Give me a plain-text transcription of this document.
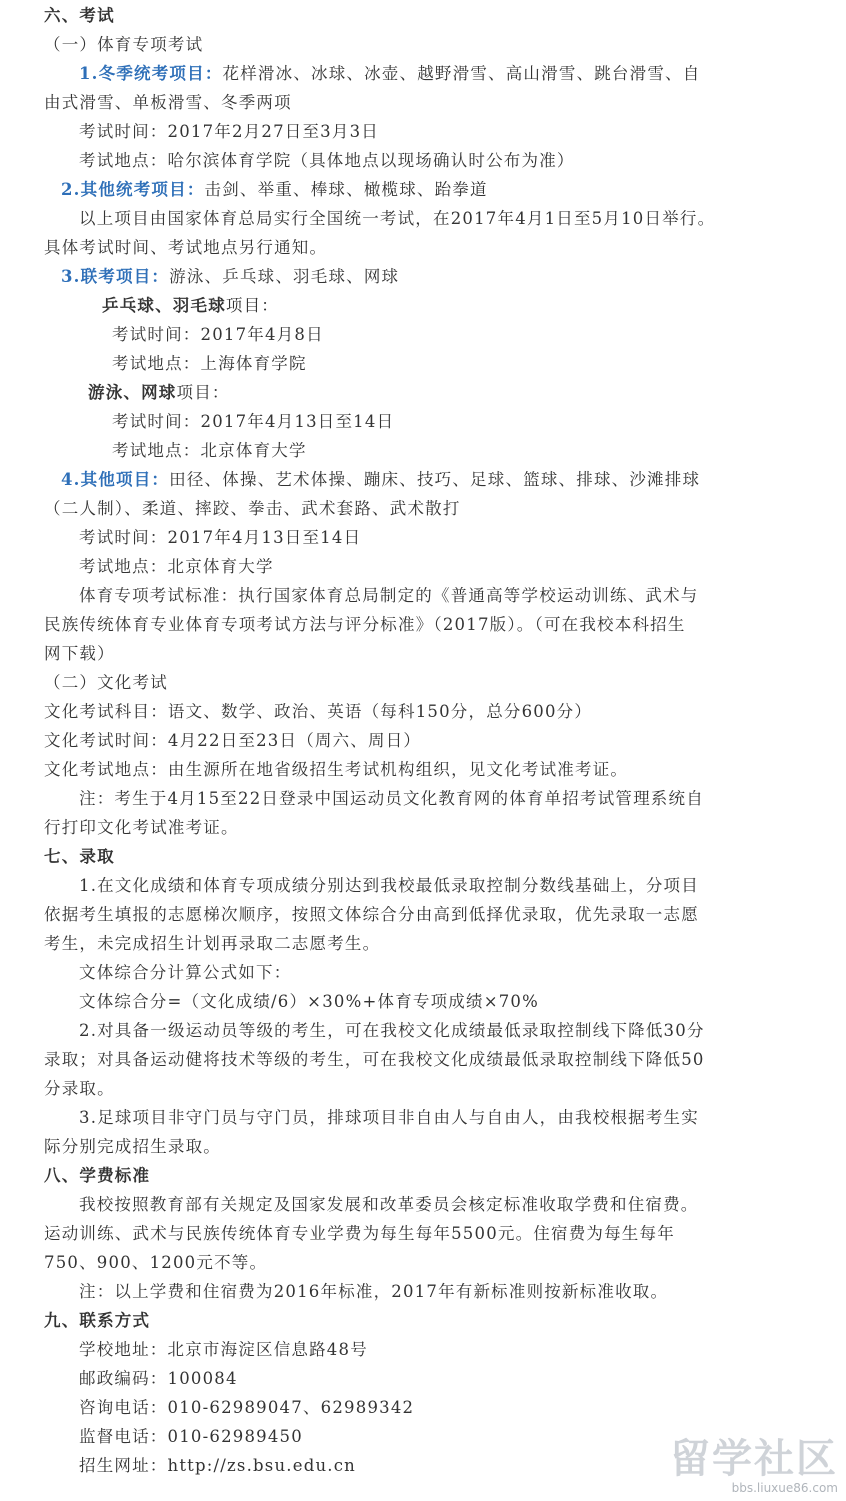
六、考试
（一）体育专项考试
1.冬季统考项目：花样滑冰、冰球、冰壶、越野滑雪、高山滑雪、跳台滑雪、自
由式滑雪、单板滑雪、冬季两项
考试时间：2017年2月27日至3月3日
考试地点：哈尔滨体育学院（具体地点以现场确认时公布为准）
2.其他统考项目：击剑、举重、棒球、橄榄球、跆拳道
以上项目由国家体育总局实行全国统一考试，在2017年4月1日至5月10日举行。
具体考试时间、考试地点另行通知。
3.联考项目：游泳、乒乓球、羽毛球、网球
乒乓球、羽毛球项目：
考试时间：2017年4月8日
考试地点：上海体育学院
游泳、网球项目：
考试时间：2017年4月13日至14日
考试地点：北京体育大学
4.其他项目：田径、体操、艺术体操、蹦床、技巧、足球、篮球、排球、沙滩排球
（二人制）、柔道、摔跤、拳击、武术套路、武术散打
考试时间：2017年4月13日至14日
考试地点：北京体育大学
体育专项考试标准：执行国家体育总局制定的《普通高等学校运动训练、武术与
民族传统体育专业体育专项考试方法与评分标准》（2017版）。（可在我校本科招生
网下载）
（二）文化考试
文化考试科目：语文、数学、政治、英语（每科150分，总分600分）
文化考试时间：4月22日至23日（周六、周日）
文化考试地点：由生源所在地省级招生考试机构组织，见文化考试准考证。
注：考生于4月15至22日登录中国运动员文化教育网的体育单招考试管理系统自
行打印文化考试准考证。
七、录取
1.在文化成绩和体育专项成绩分别达到我校最低录取控制分数线基础上，分项目
依据考生填报的志愿梯次顺序，按照文体综合分由高到低择优录取，优先录取一志愿
考生，未完成招生计划再录取二志愿考生。
文体综合分计算公式如下：
文体综合分=（文化成绩/6）×30%+体育专项成绩×70%
2.对具备一级运动员等级的考生，可在我校文化成绩最低录取控制线下降低30分
录取；对具备运动健将技术等级的考生，可在我校文化成绩最低录取控制线下降低50
分录取。
3.足球项目非守门员与守门员，排球项目非自由人与自由人，由我校根据考生实
际分别完成招生录取。
八、学费标准
我校按照教育部有关规定及国家发展和改革委员会核定标准收取学费和住宿费。
运动训练、武术与民族传统体育专业学费为每生每年5500元。住宿费为每生每年
750、900、1200元不等。
注：以上学费和住宿费为2016年标准，2017年有新标准则按新标准收取。
九、联系方式
学校地址：北京市海淀区信息路48号
邮政编码：100084
咨询电话：010-62989047、62989342
监督电话：010-62989450
招生网址：http://zs.bsu.edu.cn	留学社区
bbs.liuxue86.com
